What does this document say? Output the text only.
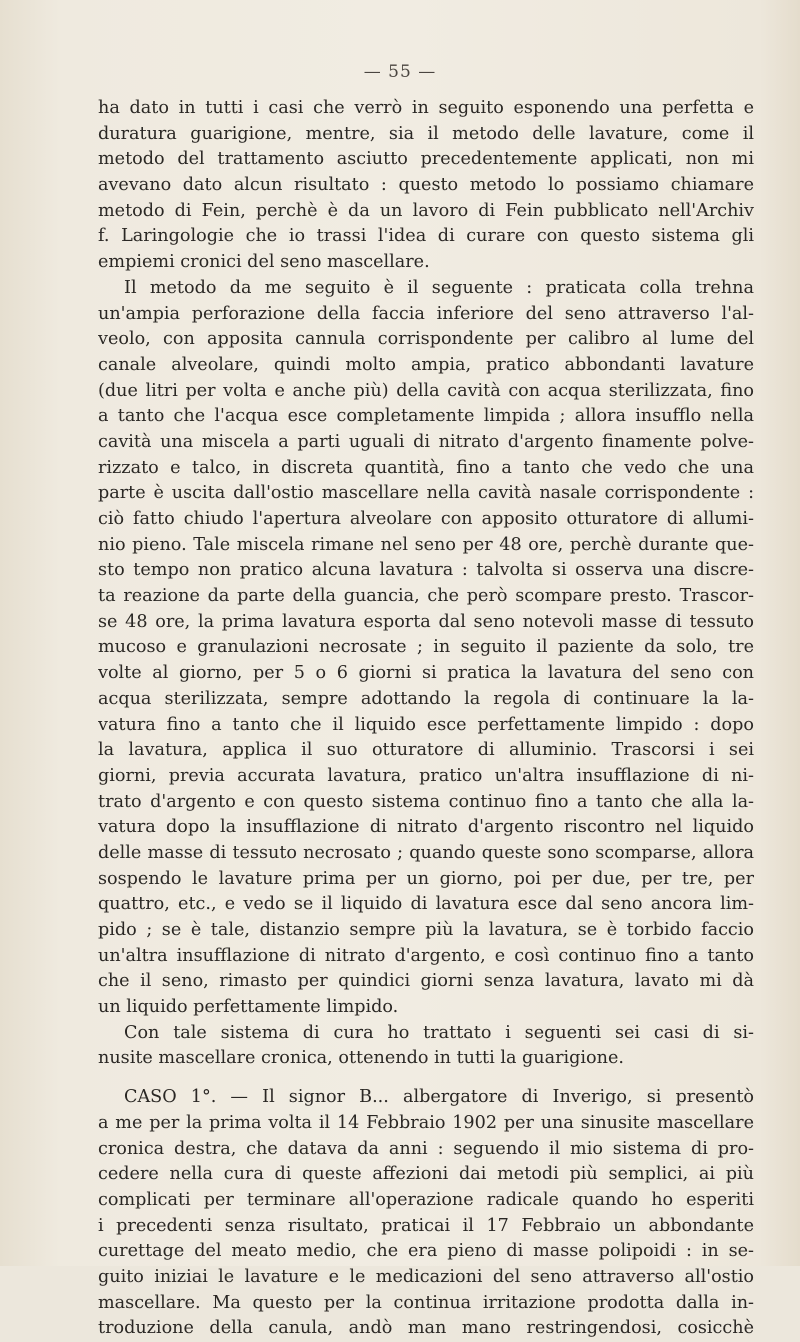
— 55 —
ha dato in tutti i casi che verrò in seguito esponendo una perfetta e
duratura guarigione, mentre, sia il metodo delle lavature, come il
metodo del trattamento asciutto precedentemente applicati, non mi
avevano dato alcun risultato : questo metodo lo possiamo chiamare
metodo di Fein, perchè è da un lavoro di Fein pubblicato nell'Archiv
f. Laringologie che io trassi l'idea di curare con questo sistema gli
empiemi cronici del seno mascellare.
Il metodo da me seguito è il seguente : praticata colla trehna
un'ampia perforazione della faccia inferiore del seno attraverso l'al-
veolo, con apposita cannula corrispondente per calibro al lume del
canale alveolare, quindi molto ampia, pratico abbondanti lavature
(due litri per volta e anche più) della cavità con acqua sterilizzata, fino
a tanto che l'acqua esce completamente limpida ; allora insufflo nella
cavità una miscela a parti uguali di nitrato d'argento finamente polve-
rizzato e talco, in discreta quantità, fino a tanto che vedo che una
parte è uscita dall'ostio mascellare nella cavità nasale corrispondente :
ciò fatto chiudo l'apertura alveolare con apposito otturatore di allumi-
nio pieno. Tale miscela rimane nel seno per 48 ore, perchè durante que-
sto tempo non pratico alcuna lavatura : talvolta si osserva una discre-
ta reazione da parte della guancia, che però scompare presto. Trascor-
se 48 ore, la prima lavatura esporta dal seno notevoli masse di tessuto
mucoso e granulazioni necrosate ; in seguito il paziente da solo, tre
volte al giorno, per 5 o 6 giorni si pratica la lavatura del seno con
acqua sterilizzata, sempre adottando la regola di continuare la la-
vatura fino a tanto che il liquido esce perfettamente limpido : dopo
la lavatura, applica il suo otturatore di alluminio. Trascorsi i sei
giorni, previa accurata lavatura, pratico un'altra insufflazione di ni-
trato d'argento e con questo sistema continuo fino a tanto che alla la-
vatura dopo la insufflazione di nitrato d'argento riscontro nel liquido
delle masse di tessuto necrosato ; quando queste sono scomparse, allora
sospendo le lavature prima per un giorno, poi per due, per tre, per
quattro, etc., e vedo se il liquido di lavatura esce dal seno ancora lim-
pido ; se è tale, distanzio sempre più la lavatura, se è torbido faccio
un'altra insufflazione di nitrato d'argento, e così continuo fino a tanto
che il seno, rimasto per quindici giorni senza lavatura, lavato mi dà
un liquido perfettamente limpido.
Con tale sistema di cura ho trattato i seguenti sei casi di si-
nusite mascellare cronica, ottenendo in tutti la guarigione.
CASO 1°. — Il signor B... albergatore di Inverigo, si presentò
a me per la prima volta il 14 Febbraio 1902 per una sinusite mascellare
cronica destra, che datava da anni : seguendo il mio sistema di pro-
cedere nella cura di queste affezioni dai metodi più semplici, ai più
complicati per terminare all'operazione radicale quando ho esperiti
i precedenti senza risultato, praticai il 17 Febbraio un abbondante
curettage del meato medio, che era pieno di masse polipoidi : in se-
guito iniziai le lavature e le medicazioni del seno attraverso all'ostio
mascellare. Ma questo per la continua irritazione prodotta dalla in-
troduzione della canula, andò man mano restringendosi, cosicchè
